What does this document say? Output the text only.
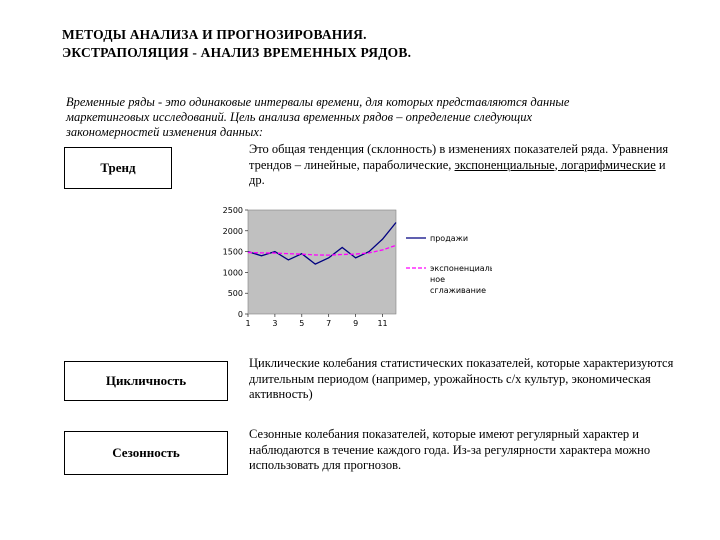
МЕТОДЫ АНАЛИЗА И ПРОГНОЗИРОВАНИЯ.
ЭКСТРАПОЛЯЦИЯ - АНАЛИЗ ВРЕМЕННЫХ РЯДОВ.

Временные ряды - это одинаковые интервалы времени, для которых представляются данные маркетинговых исследований. Цель анализа временных рядов – определение следующих закономерностей изменения данных:

Тренд

Это общая тенденция (склонность) в изменениях показателей ряда. Уравнения трендов – линейные, параболические, экспоненциальные, логарифмические и др.

0
500
1000
1500
2000
2500
1	3	5	7	9 11
продажи
экспоненциаль
ное
сглаживание
Цикличность

Циклические колебания статистических показателей, которые характеризуются длительным периодом (например, урожайность с/х культур, экономическая активность)

Сезонность

Сезонные колебания показателей, которые имеют регулярный характер и наблюдаются в течение каждого года. Из-за регулярности характера можно использовать для прогнозов.
